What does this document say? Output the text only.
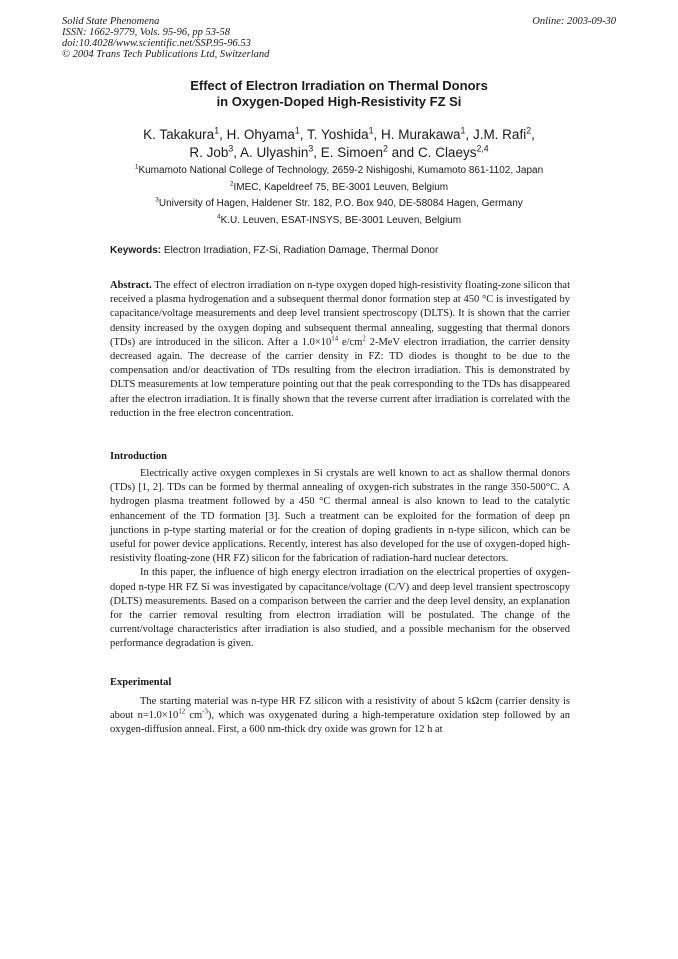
Solid State Phenomena
ISSN: 1662-9779, Vols. 95-96, pp 53-58
doi:10.4028/www.scientific.net/SSP.95-96.53
© 2004 Trans Tech Publications Ltd, Switzerland
Online: 2003-09-30
Effect of Electron Irradiation on Thermal Donors
in Oxygen-Doped High-Resistivity FZ Si
K. Takakura$^1$, H. Ohyama$^1$, T. Yoshida$^1$, H. Murakawa$^1$, J.M. Rafi$^2$,
R. Job$^3$, A. Ulyashin$^3$, E. Simoen$^2$ and C. Claeys$^{2,4}$
$^1$Kumamoto National College of Technology, 2659-2 Nishigoshi, Kumamoto 861-1102, Japan
$^2$IMEC, Kapeldreef 75, BE-3001 Leuven, Belgium
$^3$University of Hagen, Haldener Str. 182, P.O. Box 940, DE-58084 Hagen, Germany
$^4$K.U. Leuven, ESAT-INSYS, BE-3001 Leuven, Belgium
Keywords: Electron Irradiation, FZ-Si, Radiation Damage, Thermal Donor

Abstract. The effect of electron irradiation on n-type oxygen doped high-resistivity floating-zone silicon that received a plasma hydrogenation and a subsequent thermal donor formation step at 450 °C is investigated by capacitance/voltage measurements and deep level transient spectroscopy (DLTS). It is shown that the carrier density increased by the oxygen doping and subsequent thermal annealing, suggesting that thermal donors (TDs) are introduced in the silicon. After a $1.0\times 10^{14}$ $e/cm^2$ 2-MeV electron irradiation, the carrier density decreased again. The decrease of the carrier density in FZ: TD diodes is thought to be due to the compensation and/or deactivation of TDs resulting from the electron irradiation. This is demonstrated by DLTS measurements at low temperature pointing out that the peak corresponding to the TDs has disappeared after the electron irradiation. It is finally shown that the reverse current after irradiation is correlated with the reduction in the free electron concentration.

Introduction

Electrically active oxygen complexes in Si crystals are well known to act as shallow thermal donors (TDs) [1, 2]. TDs can be formed by thermal annealing of oxygen-rich substrates in the range 350-500°C. A hydrogen plasma treatment followed by a 450 °C thermal anneal is also known to lead to the catalytic enhancement of the TD formation [3]. Such a treatment can be exploited for the formation of deep pn junctions in p-type starting material or for the creation of doping gradients in n-type silicon, which can be useful for power device applications. Recently, interest has also developed for the use of oxygen-doped high-resistivity floating-zone (HR FZ) silicon for the fabrication of radiation-hard nuclear detectors.

In this paper, the influence of high energy electron irradiation on the electrical properties of oxygen-doped n-type HR FZ Si was investigated by capacitance/voltage (C/V) and deep level transient spectroscopy (DLTS) measurements. Based on a comparison between the carrier and the deep level density, an explanation for the carrier removal resulting from electron irradiation will be postulated. The change of the current/voltage characteristics after irradiation is also studied, and a possible mechanism for the observed performance degradation is given.

Experimental

The starting material was n-type HR FZ silicon with a resistivity of about 5 kΩcm (carrier density is about $n=1.0\times 10^{12}$ $cm^{-3}$), which was oxygenated during a high-temperature oxidation step followed by an oxygen-diffusion anneal. First, a 600 nm-thick dry oxide was grown for 12 h at
